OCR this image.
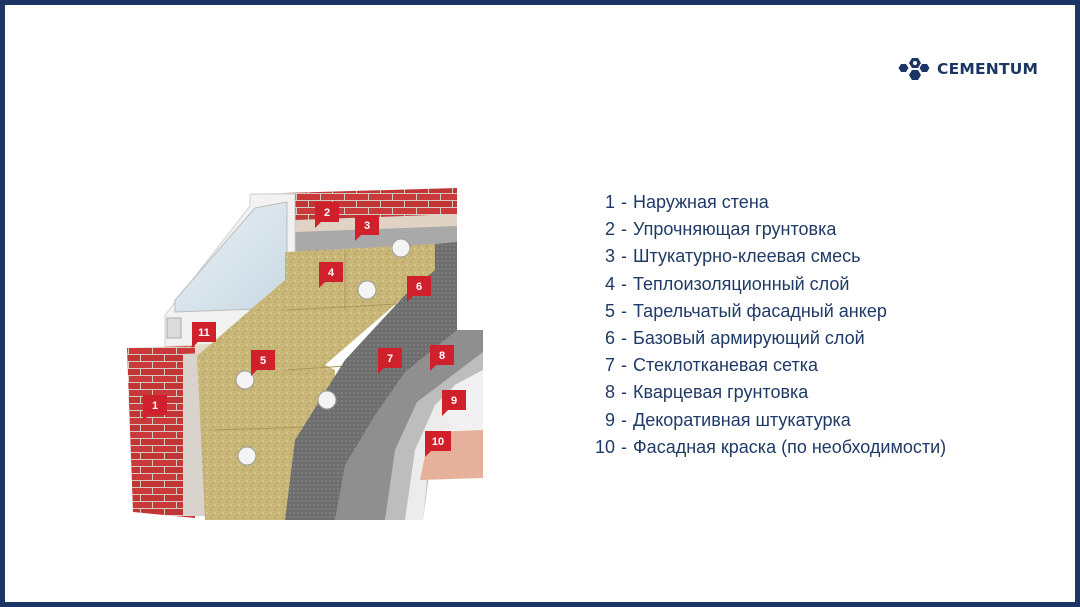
CEMENTUM
1
2
3
4
5
6
7	8
9
10
11
1 - Наружная стена
2 - Упрочняющая грунтовка
3 - Штукатурно-клеевая смесь
4 - Теплоизоляционный слой
5 - Тарельчатый фасадный анкер
6 - Базовый армирующий слой
7 - Стеклотканевая сетка
8 - Кварцевая грунтовка
9 - Декоративная штукатурка
10 - Фасадная краска (по необходимости)
